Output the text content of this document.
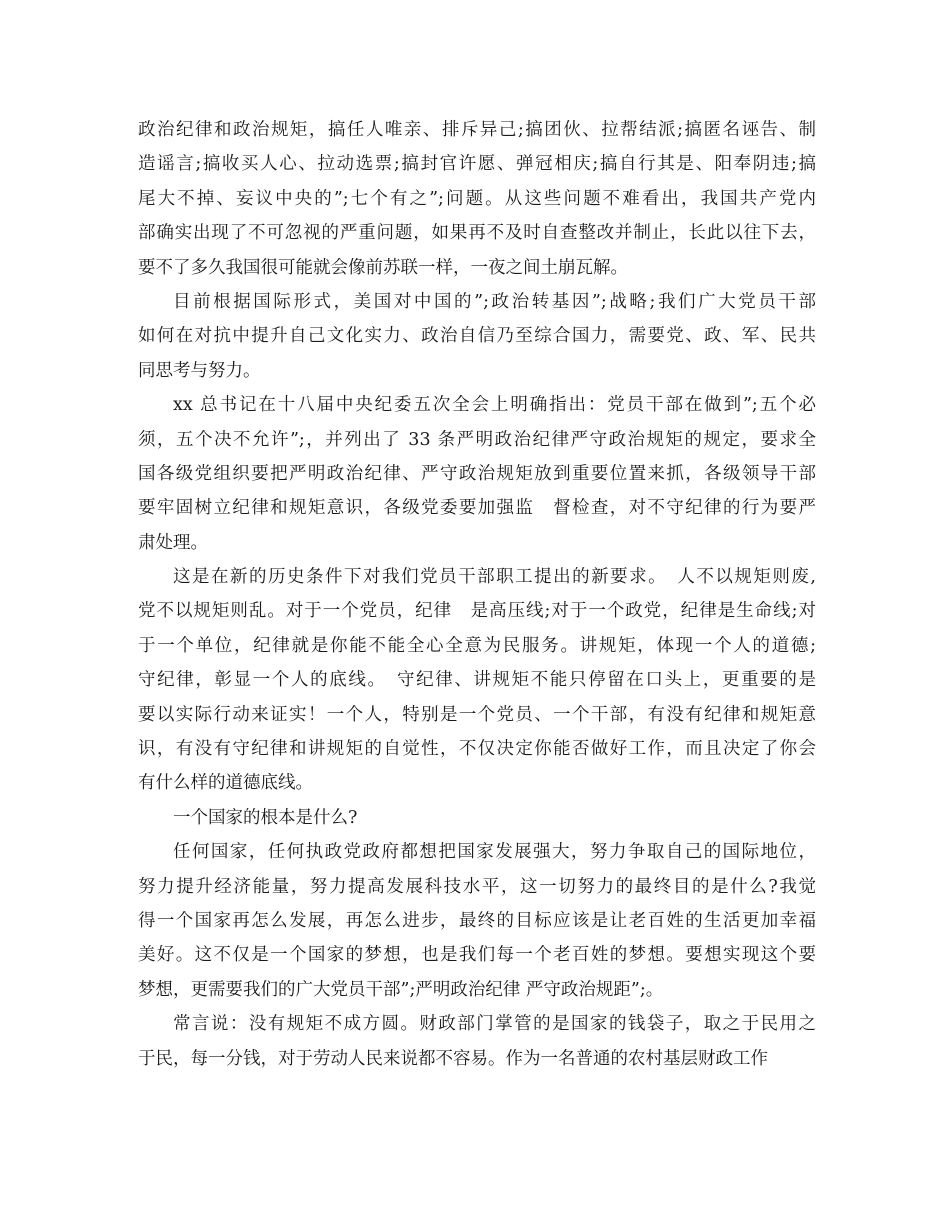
政治纪律和政治规矩，搞任人唯亲、排斥异己;搞团伙、拉帮结派;搞匿名诬告、制
造谣言;搞收买人心、拉动选票;搞封官许愿、弹冠相庆;搞自行其是、阳奉阴违;搞
尾大不掉、妄议中央的”;七个有之”;问题。从这些问题不难看出，我国共产党内
部确实出现了不可忽视的严重问题，如果再不及时自查整改并制止，长此以往下去，
要不了多久我国很可能就会像前苏联一样，一夜之间土崩瓦解。
目前根据国际形式，美国对中国的”;政治转基因”;战略;我们广大党员干部
如何在对抗中提升自己文化实力、政治自信乃至综合国力，需要党、政、军、民共
同思考与努力。
xx 总书记在十八届中央纪委五次全会上明确指出：党员干部在做到”;五个必
须，五个决不允许”;，并列出了 33 条严明政治纪律严守政治规矩的规定，要求全
国各级党组织要把严明政治纪律、严守政治规矩放到重要位置来抓，各级领导干部
要牢固树立纪律和规矩意识，各级党委要加强监　督检查，对不守纪律的行为要严
肃处理。
这是在新的历史条件下对我们党员干部职工提出的新要求。　人不以规矩则废,
党不以规矩则乱。对于一个党员，纪律　是高压线;对于一个政党，纪律是生命线;对
于一个单位，纪律就是你能不能全心全意为民服务。讲规矩，体现一个人的道德;
守纪律，彰显一个人的底线。　守纪律、讲规矩不能只停留在口头上，更重要的是
要以实际行动来证实！一个人，特别是一个党员、一个干部，有没有纪律和规矩意
识，有没有守纪律和讲规矩的自觉性，不仅决定你能否做好工作，而且决定了你会
有什么样的道德底线。
一个国家的根本是什么?
任何国家，任何执政党政府都想把国家发展强大，努力争取自己的国际地位，
努力提升经济能量，努力提高发展科技水平，这一切努力的最终目的是什么?我觉
得一个国家再怎么发展，再怎么进步，最终的目标应该是让老百姓的生活更加幸福
美好。这不仅是一个国家的梦想，也是我们每一个老百姓的梦想。要想实现这个要
梦想，更需要我们的广大党员干部”;严明政治纪律 严守政治规距”;。
常言说：没有规矩不成方圆。财政部门掌管的是国家的钱袋子，取之于民用之
于民，每一分钱，对于劳动人民来说都不容易。作为一名普通的农村基层财政工作
